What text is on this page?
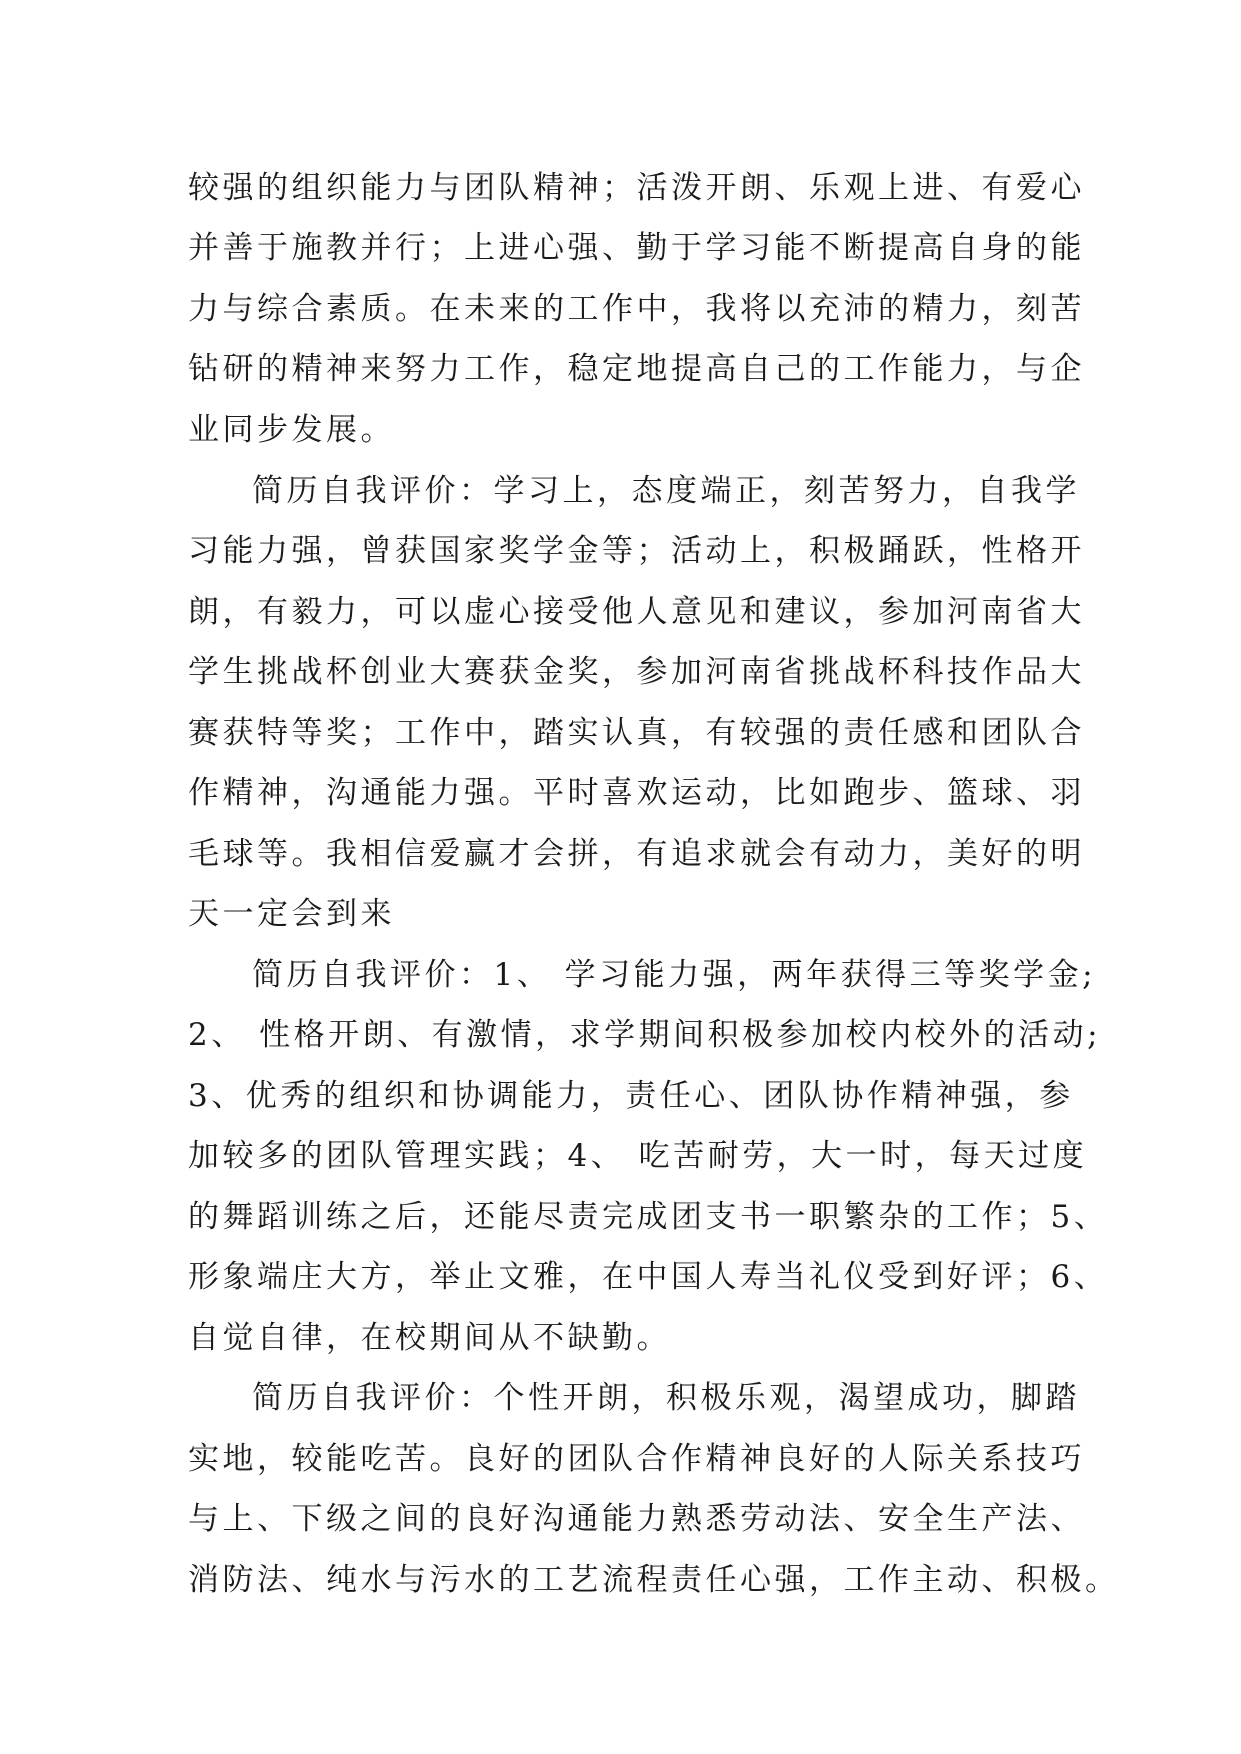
较强的组织能力与团队精神；活泼开朗、乐观上进、有爱心
并善于施教并行；上进心强、勤于学习能不断提高自身的能
力与综合素质。在未来的工作中，我将以充沛的精力，刻苦
钻研的精神来努力工作，稳定地提高自己的工作能力，与企
业同步发展。
简历自我评价：学习上，态度端正，刻苦努力，自我学
习能力强，曾获国家奖学金等；活动上，积极踊跃，性格开
朗，有毅力，可以虚心接受他人意见和建议，参加河南省大
学生挑战杯创业大赛获金奖，参加河南省挑战杯科技作品大
赛获特等奖；工作中，踏实认真，有较强的责任感和团队合
作精神，沟通能力强。平时喜欢运动，比如跑步、篮球、羽
毛球等。我相信爱赢才会拼，有追求就会有动力，美好的明
天一定会到来
简历自我评价：1、 学习能力强，两年获得三等奖学金;
2、 性格开朗、有激情，求学期间积极参加校内校外的活动;
3、优秀的组织和协调能力，责任心、团队协作精神强，参
加较多的团队管理实践；4、 吃苦耐劳，大一时，每天过度
的舞蹈训练之后，还能尽责完成团支书一职繁杂的工作；5、
形象端庄大方，举止文雅，在中国人寿当礼仪受到好评；6、
自觉自律，在校期间从不缺勤。
简历自我评价：个性开朗，积极乐观，渴望成功，脚踏
实地，较能吃苦。良好的团队合作精神良好的人际关系技巧
与上、下级之间的良好沟通能力熟悉劳动法、安全生产法、
消防法、纯水与污水的工艺流程责任心强，工作主动、积极。
